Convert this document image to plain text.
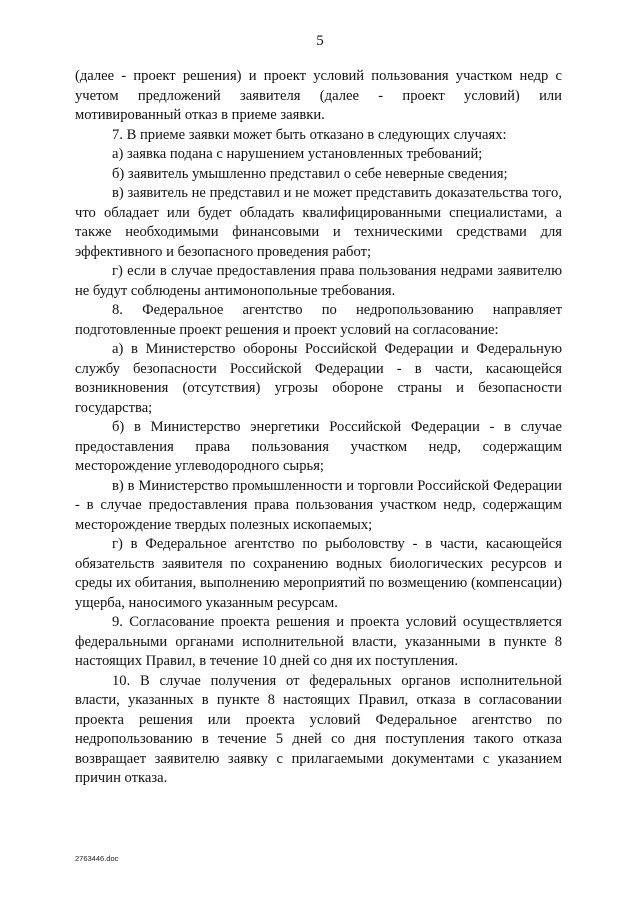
5

(далее - проект решения) и проект условий пользования участком недр с учетом предложений заявителя (далее - проект условий) или мотивированный отказ в приеме заявки.

7. В приеме заявки может быть отказано в следующих случаях:

а) заявка подана с нарушением установленных требований;

б) заявитель умышленно представил о себе неверные сведения;

в) заявитель не представил и не может представить доказательства того, что обладает или будет обладать квалифицированными специалистами, а также необходимыми финансовыми и техническими средствами для эффективного и безопасного проведения работ;

г) если в случае предоставления права пользования недрами заявителю не будут соблюдены антимонопольные требования.

8. Федеральное агентство по недропользованию направляет подготовленные проект решения и проект условий на согласование:

а) в Министерство обороны Российской Федерации и Федеральную службу безопасности Российской Федерации - в части, касающейся возникновения (отсутствия) угрозы обороне страны и безопасности государства;

б) в Министерство энергетики Российской Федерации - в случае предоставления права пользования участком недр, содержащим месторождение углеводородного сырья;

в) в Министерство промышленности и торговли Российской Федерации - в случае предоставления права пользования участком недр, содержащим месторождение твердых полезных ископаемых;

г) в Федеральное агентство по рыболовству - в части, касающейся обязательств заявителя по сохранению водных биологических ресурсов и среды их обитания, выполнению мероприятий по возмещению (компенсации) ущерба, наносимого указанным ресурсам.

9. Согласование проекта решения и проекта условий осуществляется федеральными органами исполнительной власти, указанными в пункте 8 настоящих Правил, в течение 10 дней со дня их поступления.

10. В случае получения от федеральных органов исполнительной власти, указанных в пункте 8 настоящих Правил, отказа в согласовании проекта решения или проекта условий Федеральное агентство по недропользованию в течение 5 дней со дня поступления такого отказа возвращает заявителю заявку с прилагаемыми документами с указанием причин отказа.

2763446.doc
